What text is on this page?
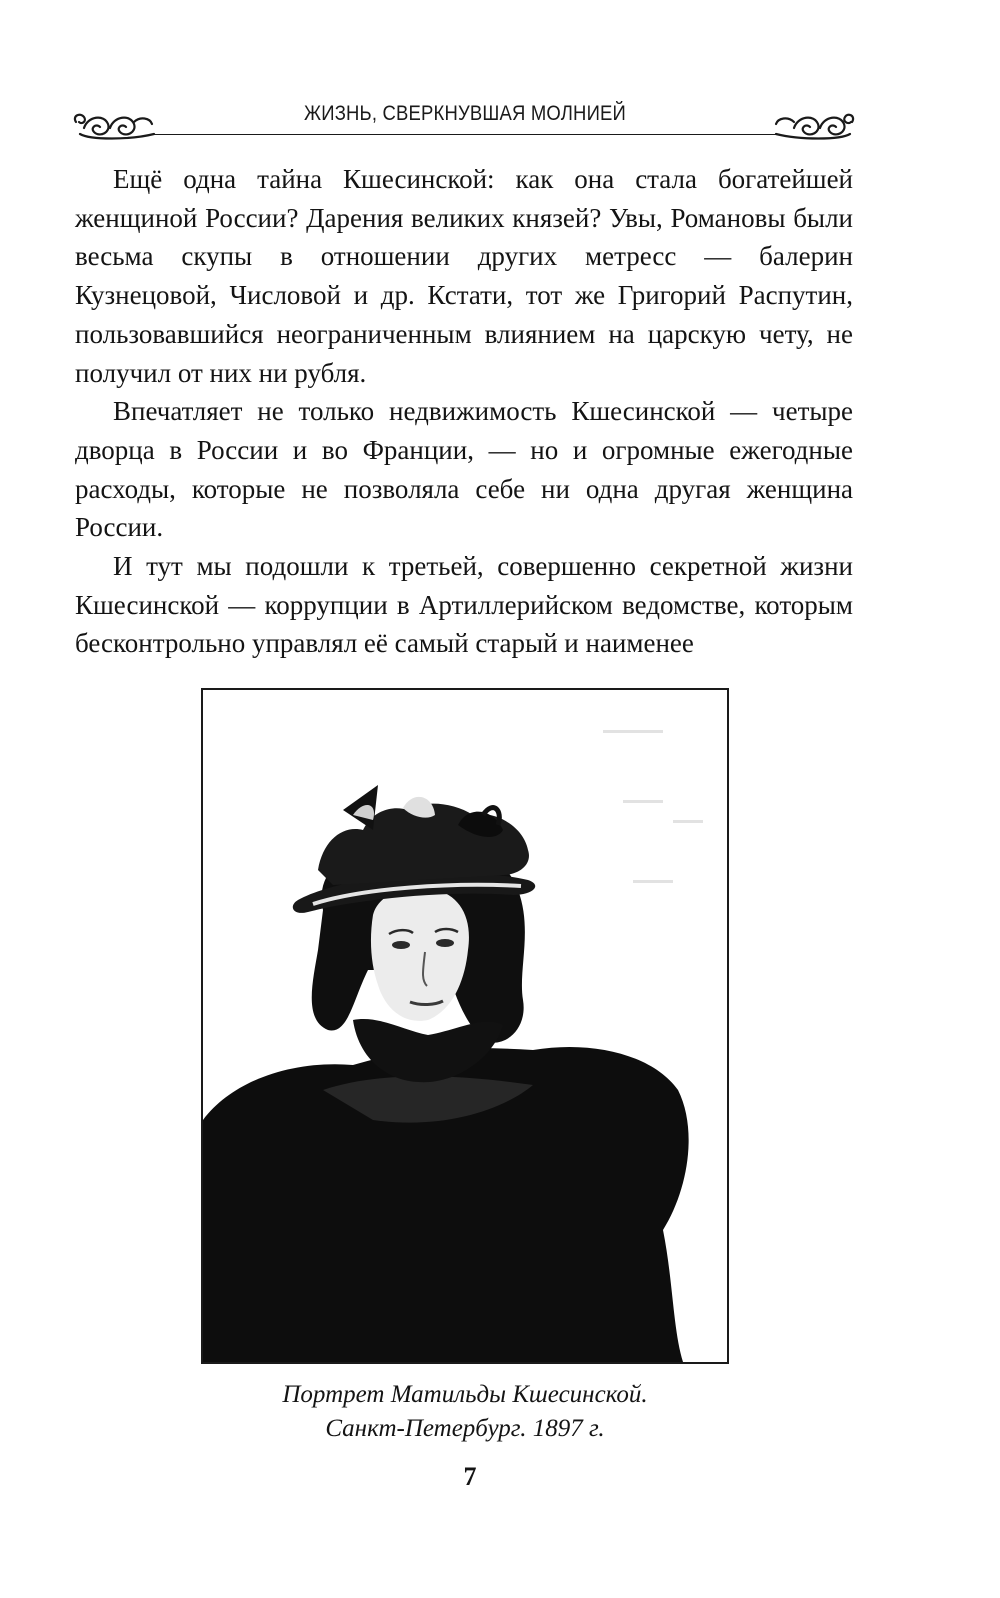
ЖИЗНЬ, СВЕРКНУВШАЯ МОЛНИЕЙ

Ещё одна тайна Кшесинской: как она стала богатейшей женщиной России? Дарения великих князей? Увы, Романовы были весьма скупы в отношении других метресс — балерин Кузнецовой, Числовой и др. Кстати, тот же Григорий Распутин, пользовавшийся неограниченным влиянием на царскую чету, не получил от них ни рубля.

Впечатляет не только недвижимость Кшесинской — четыре дворца в России и во Франции, — но и огромные ежегодные расходы, которые не позволяла себе ни одна другая женщина России.

И тут мы подошли к третьей, совершенно секретной жизни Кшесинской — коррупции в Артиллерийском ведомстве, которым бесконтрольно управлял её самый старый и наименее

Портрет Матильды Кшесинской.
Санкт-Петербург. 1897 г.
7
